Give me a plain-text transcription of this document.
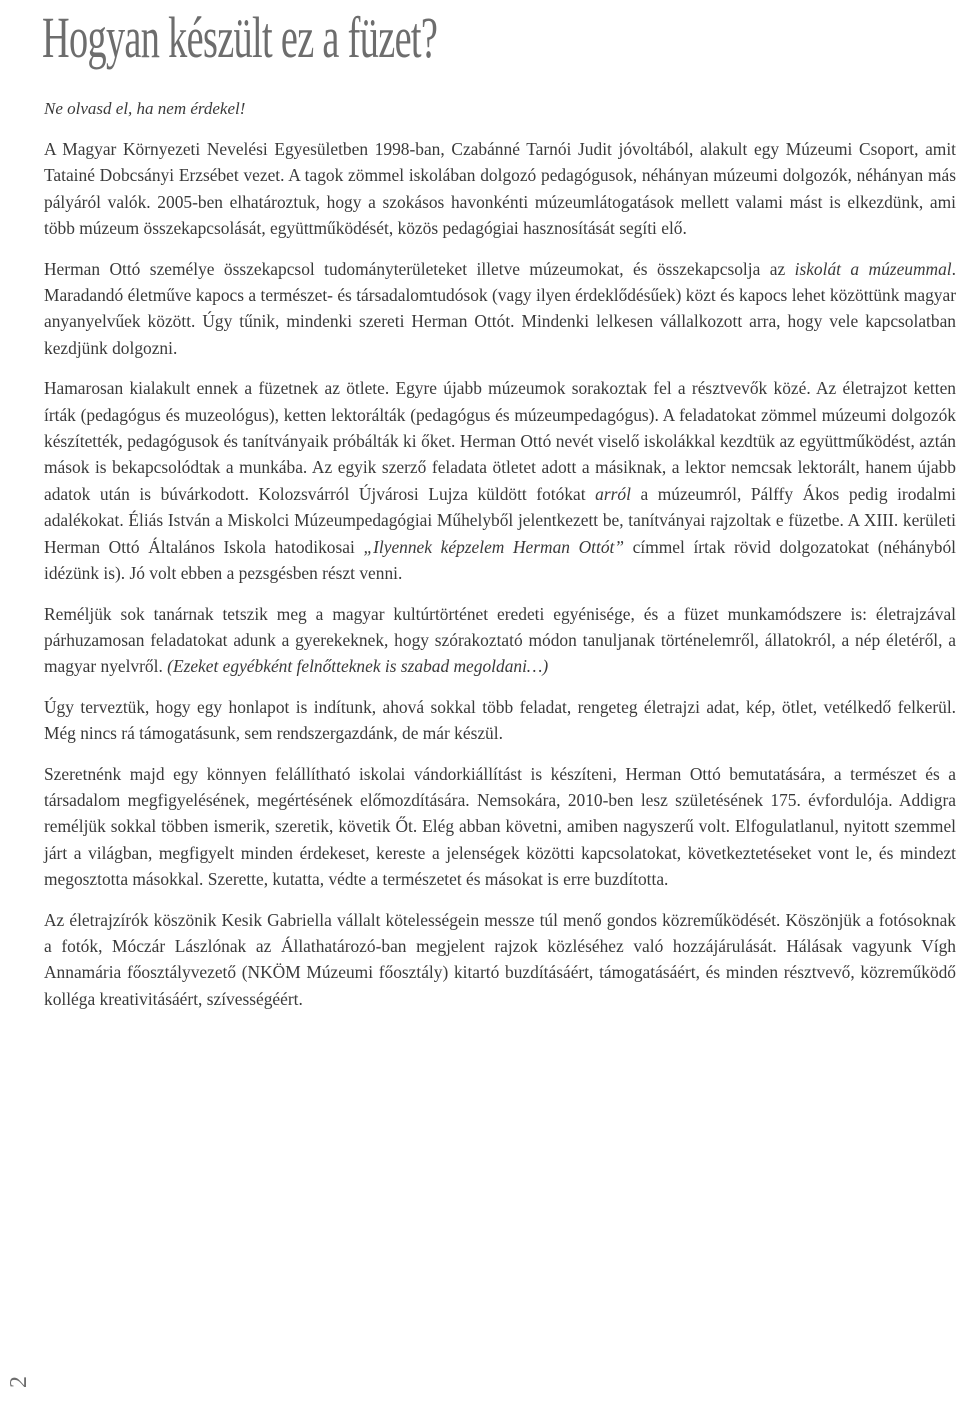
Hogyan készült ez a füzet?

Ne olvasd el, ha nem érdekel!

A Magyar Környezeti Nevelési Egyesületben 1998-ban, Czabánné Tarnói Judit jóvoltából, alakult egy Múzeumi Csoport, amit Tatainé Dobcsányi Erzsébet vezet. A tagok zömmel iskolában dolgozó pedagógusok, néhányan múzeumi dolgozók, néhányan más pályáról valók. 2005-ben elhatároztuk, hogy a szokásos havonkénti múzeumlátogatások mellett valami mást is elkezdünk, ami több múzeum összekapcsolását, együttműködését, közös pedagógiai hasznosítását segíti elő.

Herman Ottó személye összekapcsol tudományterületeket illetve múzeumokat, és összekapcsolja az iskolát a múzeummal. Maradandó életműve kapocs a természet- és társadalomtudósok (vagy ilyen érdeklődésűek) közt és kapocs lehet közöttünk magyar anyanyelvűek között. Úgy tűnik, mindenki szereti Herman Ottót. Mindenki lelkesen vállalkozott arra, hogy vele kapcsolatban kezdjünk dolgozni.

Hamarosan kialakult ennek a füzetnek az ötlete. Egyre újabb múzeumok sorakoztak fel a résztvevők közé. Az életrajzot ketten írták (pedagógus és muzeológus), ketten lektorálták (pedagógus és múzeumpedagógus). A feladatokat zömmel múzeumi dolgozók készítették, pedagógusok és tanítványaik próbálták ki őket. Herman Ottó nevét viselő iskolákkal kezdtük az együttműködést, aztán mások is bekapcsolódtak a munkába. Az egyik szerző feladata ötletet adott a másiknak, a lektor nemcsak lektorált, hanem újabb adatok után is búvárkodott. Kolozsvárról Újvárosi Lujza küldött fotókat arról a múzeumról, Pálffy Ákos pedig irodalmi adalékokat. Éliás István a Miskolci Múzeumpedagógiai Műhelyből jelentkezett be, tanítványai rajzoltak e füzetbe. A XIII. kerületi Herman Ottó Általános Iskola hatodikosai „Ilyennek képzelem Herman Ottót” címmel írtak rövid dolgozatokat (néhányból idézünk is). Jó volt ebben a pezsgésben részt venni.

Reméljük sok tanárnak tetszik meg a magyar kultúrtörténet eredeti egyénisége, és a füzet munkamódszere is: életrajzával párhuzamosan feladatokat adunk a gyerekeknek, hogy szórakoztató módon tanuljanak történelemről, állatokról, a nép életéről, a magyar nyelvről. (Ezeket egyébként felnőtteknek is szabad megoldani…)

Úgy terveztük, hogy egy honlapot is indítunk, ahová sokkal több feladat, rengeteg életrajzi adat, kép, ötlet, vetélkedő felkerül. Még nincs rá támogatásunk, sem rendszergazdánk, de már készül.

Szeretnénk majd egy könnyen felállítható iskolai vándorkiállítást is készíteni, Herman Ottó bemutatására, a természet és a társadalom megfigyelésének, megértésének előmozdítására. Nemsokára, 2010-ben lesz születésének 175. évfordulója. Addigra reméljük sokkal többen ismerik, szeretik, követik Őt. Elég abban követni, amiben nagyszerű volt. Elfogulatlanul, nyitott szemmel járt a világban, megfigyelt minden érdekeset, kereste a jelenségek közötti kapcsolatokat, következtetéseket vont le, és mindezt megosztotta másokkal. Szerette, kutatta, védte a természetet és másokat is erre buzdította.

Az életrajzírók köszönik Kesik Gabriella vállalt kötelességein messze túl menő gondos közreműködését. Köszönjük a fotósoknak a fotók, Móczár Lászlónak az Állathatározó-ban megjelent rajzok közléséhez való hozzájárulását. Hálásak vagyunk Vígh Annamária főosztályvezető (NKÖM Múzeumi főosztály) kitartó buzdításáért, támogatásáért, és minden résztvevő, közreműködő kolléga kreativitásáért, szívességéért.

2
